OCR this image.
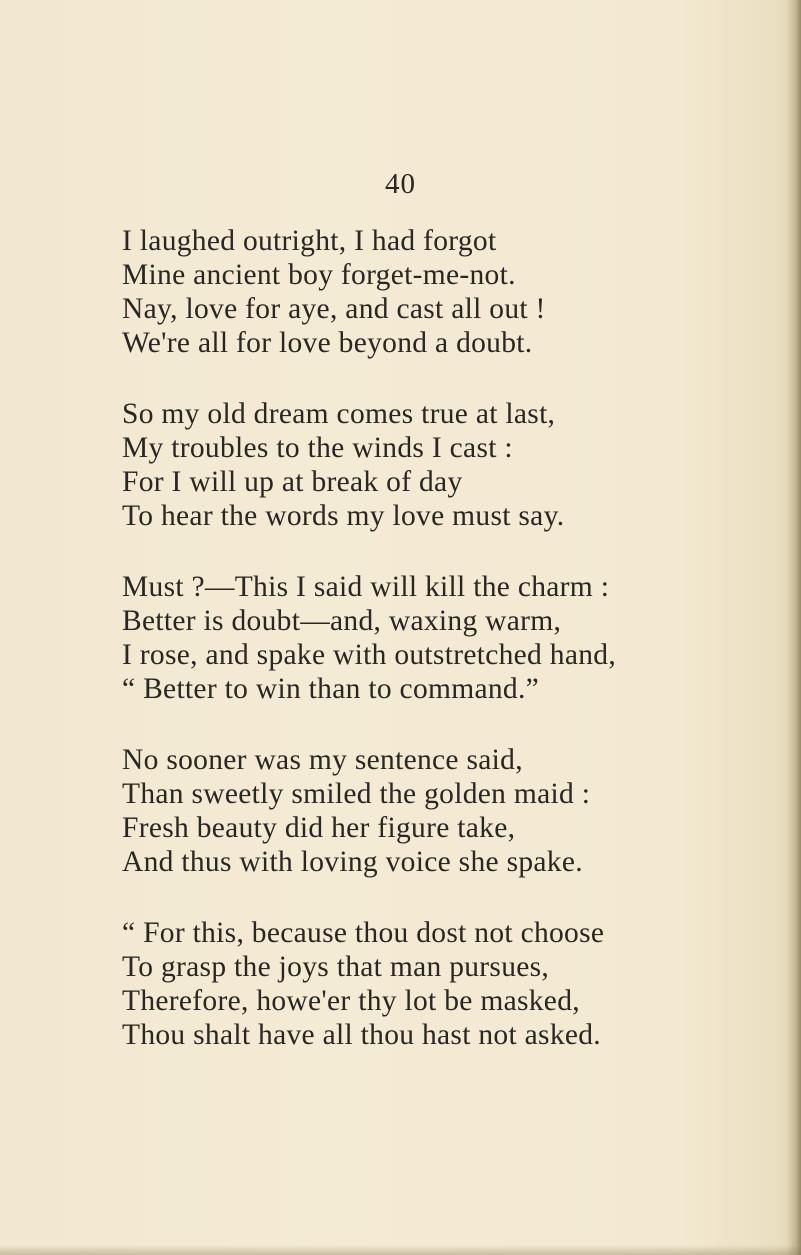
40
I laughed outright, I had forgot
Mine ancient boy forget-me-not.
Nay, love for aye, and cast all out !
We're all for love beyond a doubt.
So my old dream comes true at last,
My troubles to the winds I cast :
For I will up at break of day
To hear the words my love must say.
Must ?—This I said will kill the charm :
Better is doubt—and, waxing warm,
I rose, and spake with outstretched hand,
“ Better to win than to command.”
No sooner was my sentence said,
Than sweetly smiled the golden maid :
Fresh beauty did her figure take,
And thus with loving voice she spake.
“ For this, because thou dost not choose
To grasp the joys that man pursues,
Therefore, howe'er thy lot be masked,
Thou shalt have all thou hast not asked.
